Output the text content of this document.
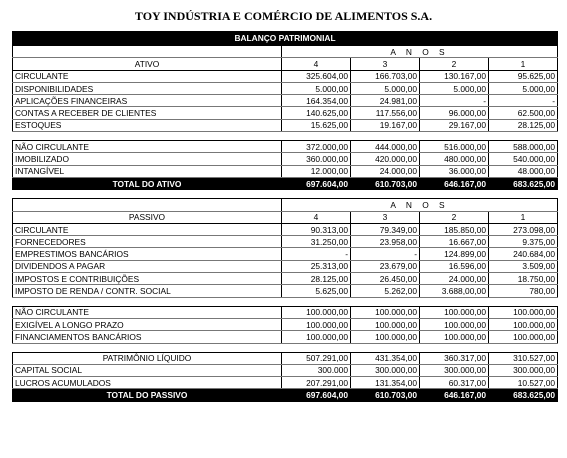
TOY INDÚSTRIA E COMÉRCIO DE ALIMENTOS S.A.
BALANÇO PATRIMONIAL				
	A N O S			
ATIVO	4	3	2	1
CIRCULANTE	325.604,00	166.703,00	130.167,00	95.625,00
DISPONIBILIDADES	5.000,00	5.000,00	5.000,00	5.000,00
APLICAÇÕES FINANCEIRAS	164.354,00	24.981,00	-	-
CONTAS A RECEBER DE CLIENTES	140.625,00	117.556,00	96.000,00	62.500,00
ESTOQUES	15.625,00	19.167,00	29.167,00	28.125,00

NÃO CIRCULANTE	372.000,00	444.000,00	516.000,00	588.000,00
IMOBILIZADO	360.000,00	420.000,00	480.000,00	540.000,00
INTANGÍVEL	12.000,00	24.000,00	36.000,00	48.000,00
TOTAL DO ATIVO	697.604,00	610.703,00	646.167,00	683.625,00

	A N O S			
PASSIVO	4	3	2	1
CIRCULANTE	90.313,00	79.349,00	185.850,00	273.098,00
FORNECEDORES	31.250,00	23.958,00	16.667,00	9.375,00
EMPRESTIMOS BANCÁRIOS	-	-	124.899,00	240.684,00
DIVIDENDOS A PAGAR	25.313,00	23.679,00	16.596,00	3.509,00
IMPOSTOS E CONTRIBUIÇÕES	28.125,00	26.450,00	24.000,00	18.750,00
IMPOSTO DE RENDA / CONTR. SOCIAL	5.625,00	5.262,00	3.688,00,00	780,00

NÃO CIRCULANTE	100.000,00	100.000,00	100.000,00	100.000,00
EXIGÍVEL A LONGO PRAZO	100.000,00	100.000,00	100.000,00	100.000,00
FINANCIAMENTOS BANCÁRIOS	100.000,00	100.000,00	100.000,00	100.000,00

PATRIMÔNIO LÍQUIDO	507.291,00	431.354,00	360.317,00	310.527,00
CAPITAL SOCIAL	300.000	300.000,00	300.000,00	300.000,00
LUCROS ACUMULADOS	207.291,00	131.354,00	60.317,00	10.527,00
TOTAL DO PASSIVO	697.604,00	610.703,00	646.167,00	683.625,00
